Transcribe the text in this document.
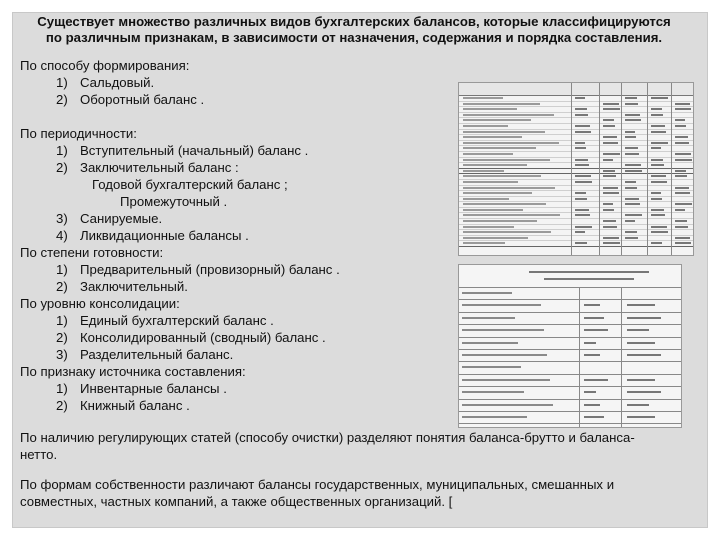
Существует множество различных видов бухгалтерских балансов, которые классифицируются
по различным признакам, в зависимости от назначения, содержания и порядка составления.
По способу формирования:
1) Сальдовый.
2) Оборотный баланс .
По периодичности:
1) Вступительный (начальный) баланс .
2) Заключительный баланс :
Годовой бухгалтерский баланс ;
Промежуточный .
3) Санируемые.
4) Ликвидационные балансы .
По степени готовности:
1) Предварительный (провизорный) баланс .
2) Заключительный.
По уровню консолидации:
1) Единый бухгалтерский баланс .
2) Консолидированный (сводный) баланс .
3) Разделительный баланс.
По признаку источника составления:
1) Инвентарные балансы .
2) Книжный баланс .
По наличию регулирующих статей (способу очистки) разделяют понятия баланса-брутто и баланса-
нетто.
По формам собственности различают балансы государственных, муниципальных, смешанных и
совместных, частных компаний, а также общественных организаций. [
